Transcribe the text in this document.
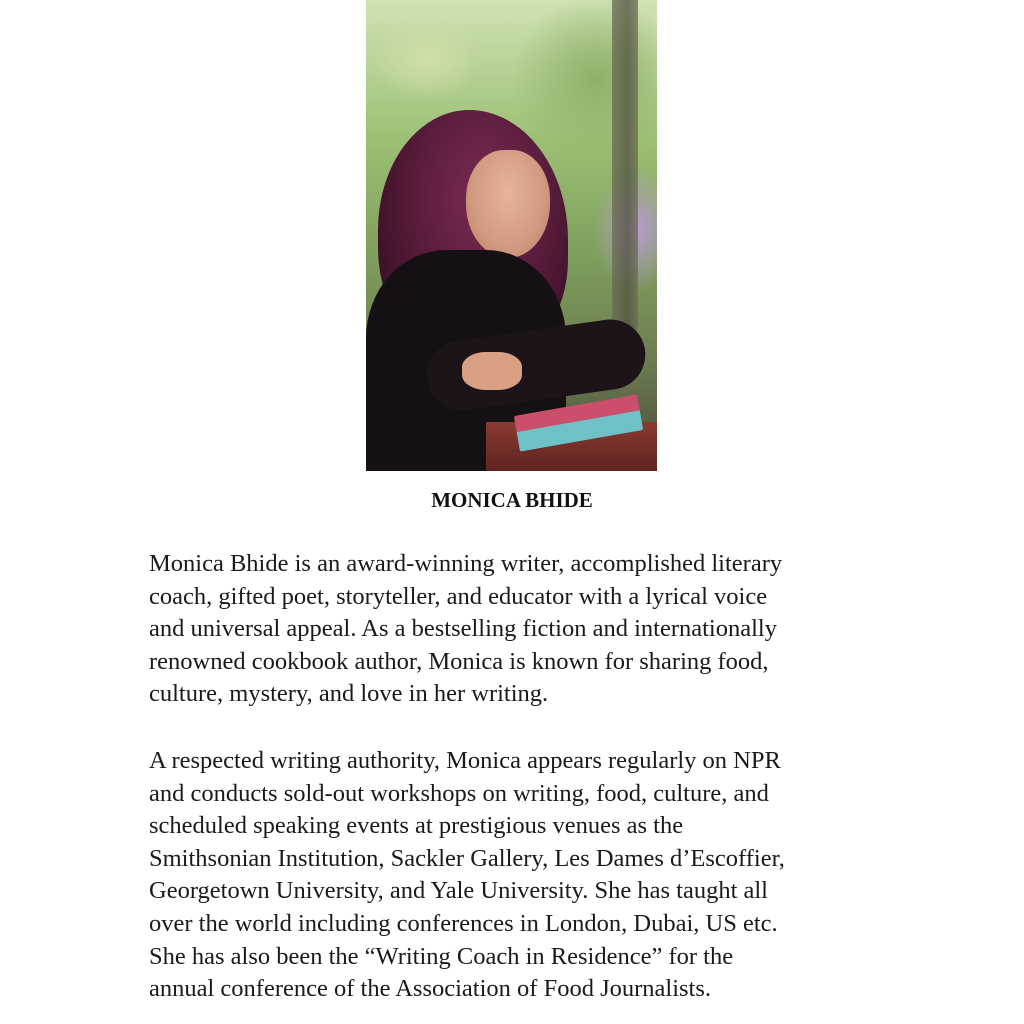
MONICA BHIDE

Monica Bhide is an award-winning writer, accomplished literary
coach, gifted poet, storyteller, and educator with a lyrical voice
and universal appeal. As a bestselling fiction and internationally
renowned cookbook author, Monica is known for sharing food,
culture, mystery, and love in her writing.

A respected writing authority, Monica appears regularly on NPR
and conducts sold-out workshops on writing, food, culture, and
scheduled speaking events at prestigious venues as the
Smithsonian Institution, Sackler Gallery, Les Dames d’Escoffier,
Georgetown University, and Yale University. She has taught all
over the world including conferences in London, Dubai, US etc.
She has also been the “Writing Coach in Residence” for the
annual conference of the Association of Food Journalists.
